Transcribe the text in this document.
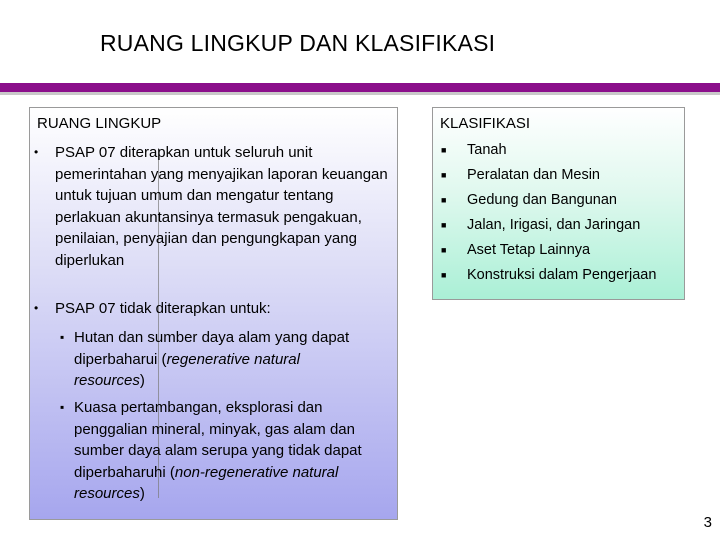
RUANG LINGKUP DAN KLASIFIKASI
RUANG LINGKUP
•	PSAP 07 diterapkan untuk seluruh unit pemerintahan yang menyajikan laporan keuangan untuk tujuan umum dan mengatur tentang perlakuan akuntansinya termasuk pengakuan, penilaian, penyajian dan pengungkapan yang diperlukan
•	PSAP 07 tidak diterapkan untuk:
▪ Hutan dan sumber daya alam yang dapat diperbaharui (regenerative natural resources)
▪ Kuasa pertambangan, eksplorasi dan penggalian mineral, minyak, gas alam dan sumber daya alam serupa yang tidak dapat diperbaharuhi (non-regenerative natural resources)
KLASIFIKASI
■ Tanah
■ Peralatan dan Mesin
■ Gedung dan Bangunan
■ Jalan, Irigasi, dan Jaringan
■ Aset Tetap Lainnya
■ Konstruksi dalam Pengerjaan
3
